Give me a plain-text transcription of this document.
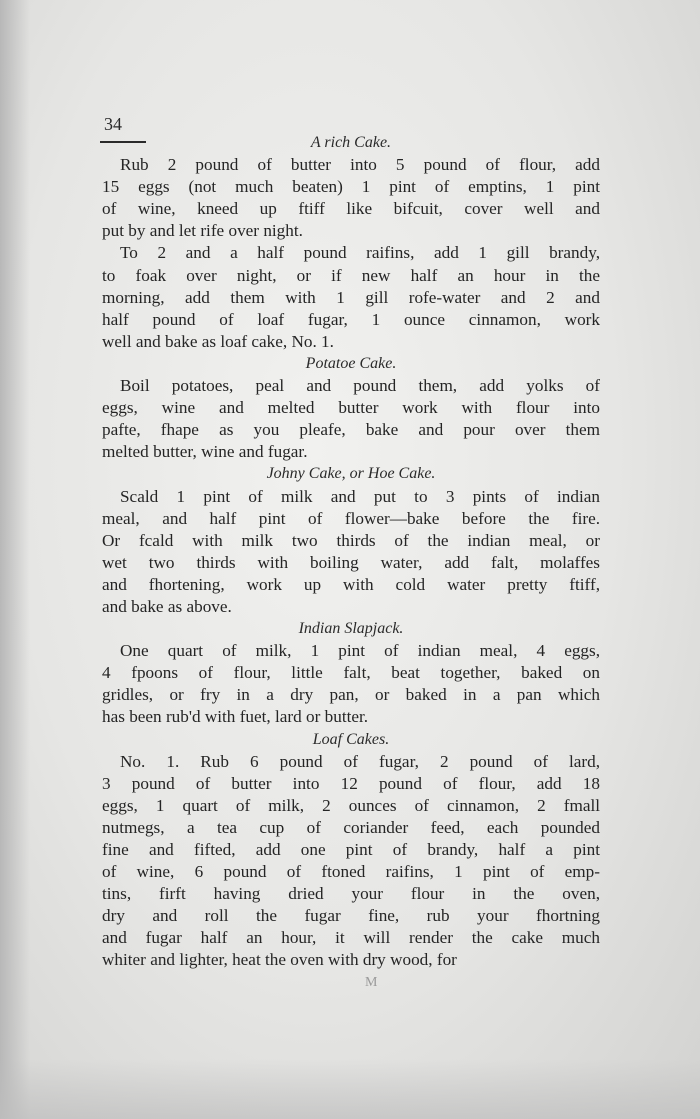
34
A rich Cake.
Rub 2 pound of butter into 5 pound of flour, add
15 eggs (not much beaten) 1 pint of emptins, 1 pint
of wine, kneed up ftiff like bifcuit, cover well and
put by and let rife over night.
To 2 and a half pound raifins, add 1 gill brandy,
to foak over night, or if new half an hour in the
morning, add them with 1 gill rofe-water and 2 and
half pound of loaf fugar, 1 ounce cinnamon, work
well and bake as loaf cake, No. 1.
Potatoe Cake.
Boil potatoes, peal and pound them, add yolks of
eggs, wine and melted butter work with flour into
pafte, fhape as you pleafe, bake and pour over them
melted butter, wine and fugar.
Johny Cake, or Hoe Cake.
Scald 1 pint of milk and put to 3 pints of indian
meal, and half pint of flower—bake before the fire.
Or fcald with milk two thirds of the indian meal, or
wet two thirds with boiling water, add falt, molaffes
and fhortening, work up with cold water pretty ftiff,
and bake as above.
Indian Slapjack.
One quart of milk, 1 pint of indian meal, 4 eggs,
4 fpoons of flour, little falt, beat together, baked on
gridles, or fry in a dry pan, or baked in a pan which
has been rub'd with fuet, lard or butter.
Loaf Cakes.
No. 1. Rub 6 pound of fugar, 2 pound of lard,
3 pound of butter into 12 pound of flour, add 18
eggs, 1 quart of milk, 2 ounces of cinnamon, 2 fmall
nutmegs, a tea cup of coriander feed, each pounded
fine and fifted, add one pint of brandy, half a pint
of wine, 6 pound of ftoned raifins, 1 pint of emp-
tins, firft having dried your flour in the oven,
dry and roll the fugar fine, rub your fhortning
and fugar half an hour, it will render the cake much
whiter and lighter, heat the oven with dry wood, for
M
